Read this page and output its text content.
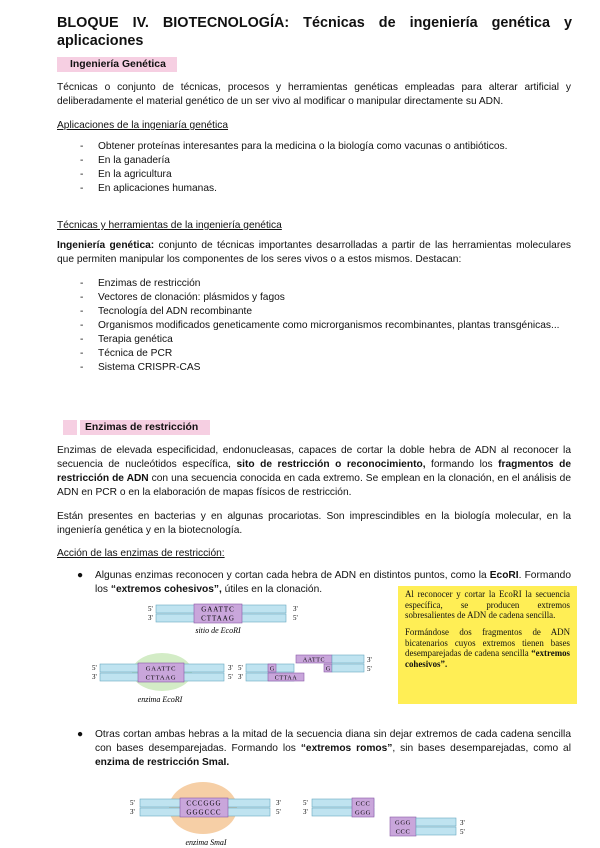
BLOQUE IV. BIOTECNOLOGÍA: Técnicas de ingeniería genética y aplicaciones
Ingeniería Genética
Técnicas o conjunto de técnicas, procesos y herramientas genéticas empleadas para alterar artificial y deliberadamente el material genético de un ser vivo al modificar o manipular directamente su ADN.
Aplicaciones de la ingeniaría genética
- Obtener proteínas interesantes para la medicina o la biología como vacunas o antibióticos.
- En la ganadería
- En la agricultura
- En aplicaciones humanas.
Técnicas y herramientas de la ingeniería genética
Ingeniería genética: conjunto de técnicas importantes desarrolladas a partir de las herramientas moleculares que permiten manipular los componentes de los seres vivos o a estos mismos. Destacan:
- Enzimas de restricción
- Vectores de clonación: plásmidos y fagos
- Tecnología del ADN recombinante
- Organismos modificados geneticamente como microrganismos recombinantes, plantas transgénicas...
- Terapia genética
- Técnica de PCR
- Sistema CRISPR-CAS
Enzimas de restricción
Enzimas de elevada especificidad, endonucleasas, capaces de cortar la doble hebra de ADN al reconocer la secuencia de nucleótidos específica, sito de restricción o reconocimiento, formando los fragmentos de restricción de ADN con una secuencia conocida en cada extremo. Se emplean en la clonación, en el análisis de ADN en PCR o en la elaboración de mapas físicos de restricción.
Están presentes en bacterias y en algunas procariotas. Son imprescindibles en la biología molecular, en la ingeniería genética y en la biotecnología.
Acción de las enzimas de restricción:
●	Algunas enzimas reconocen y cortan cada hebra de ADN en distintos puntos, como la EcoRI. Formando los “extremos cohesivos”, útiles en la clonación.	Al reconocer y cortar la EcoRI la secuencia específica, se producen extremos sobresalientes de ADN de cadena sencilla.

Formándose dos fragmentos de ADN bicatenarios cuyos extremos tienen bases desemparejadas de cadena sencilla “extremos cohesivos”.

5'
3'
GAATTC
CTTAAG
3'
5'
sitio de EcoRI
5'
3'
GAATTC
CTTAAG
3'
5'
enzima EcoRI
5'
3'
G
CTTAA
AATTC
G
3'
5'
●	Otras cortan ambas hebras a la mitad de la secuencia diana sin dejar extremos de cada cadena sencilla con bases desemparejadas. Formando los “extremos romos”, sin bases desemparejadas, como al enzima de restricción SmaI.
5'
3'
CCCGGG
GGGCCC
3'
5'
enzima SmaI
5'
3'
CCC
GGG
GGG
CCC
3'
5'
